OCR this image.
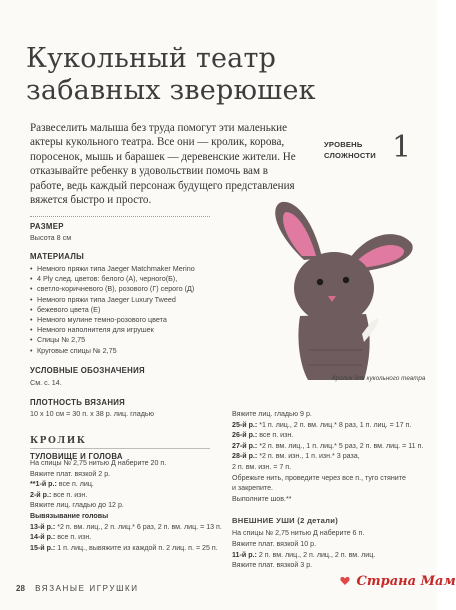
Кукольный театр
забавных зверюшек

Развеселить малыша без труда помогут эти маленькие актеры кукольного театра. Все они — кролик, корова, поросенок, мышь и барашек — деревенские жители. Не отказывайте ребенку в удовольствии помочь вам в работе, ведь каждый персонаж будущего представления вяжется быстро и просто.

УРОВЕНЬ
СЛОЖНОСТИ 1

РАЗМЕР

Высота 8 см

МАТЕРИАЛЫ

• Немного пряжи типа Jaeger Matchmaker Merino
• 4 Ply след. цветов: белого (А), черного(Б),
• светло-коричневого (В), розового (Г) серого (Д)
• Немного пряжи типа Jaeger Luxury Tweed
• бежевого цвета (Е)
• Немного мулине темно-розового цвета
• Немного наполнителя для игрушек
• Спицы № 2,75
• Круговые спицы № 2,75

УСЛОВНЫЕ ОБОЗНАЧЕНИЯ

См. с. 14.

ПЛОТНОСТЬ ВЯЗАНИЯ

10 х 10 см = 30 п. х 38 р. лиц. гладью

Кролик для кукольного театра
КРОЛИК
ТУЛОВИЩЕ И ГОЛОВА
На спицы № 2,75 нитью Д наберите 20 п.
Вяжите плат. вязкой 2 р.
**1-й р.: все п. лиц.
2-й р.: все п. изн.
Вяжите лиц. гладью до 12 р.
Вывязывание головы
13-й р.: *2 п. вм. лиц., 2 п. лиц.* 6 раз, 2 п. вм. лиц. = 13 п.
14-й р.: все п. изн.
15-й р.: 1 п. лиц., вывяжите из каждой п. 2 лиц. п. = 25 п.
Вяжите лиц. гладью 9 р.
25-й р.: *1 п. лиц., 2 п. вм. лиц.* 8 раз, 1 п. лиц. = 17 п.
26-й р.: все п. изн.
27-й р.: *2 п. вм. лиц., 1 п. лиц.* 5 раз, 2 п. вм. лиц. = 11 п.
28-й р.: *2 п. вм. изн., 1 п. изн.* 3 раза,
2 п. вм. изн. = 7 п.
Обрежьте нить, проведите через все п., туго стяните
и закрепите.
Выполните шов.**
ВНЕШНИЕ УШИ (2 детали)
На спицы № 2,75 нитью Д наберите 6 п.
Вяжите плат. вязкой 10 р.
11-й р.: 2 п. вм. лиц., 2 п. лиц., 2 п. вм. лиц.
Вяжите плат. вязкой 3 р.
28 ВЯЗАНЫЕ ИГРУШКИ	Страна Мам
